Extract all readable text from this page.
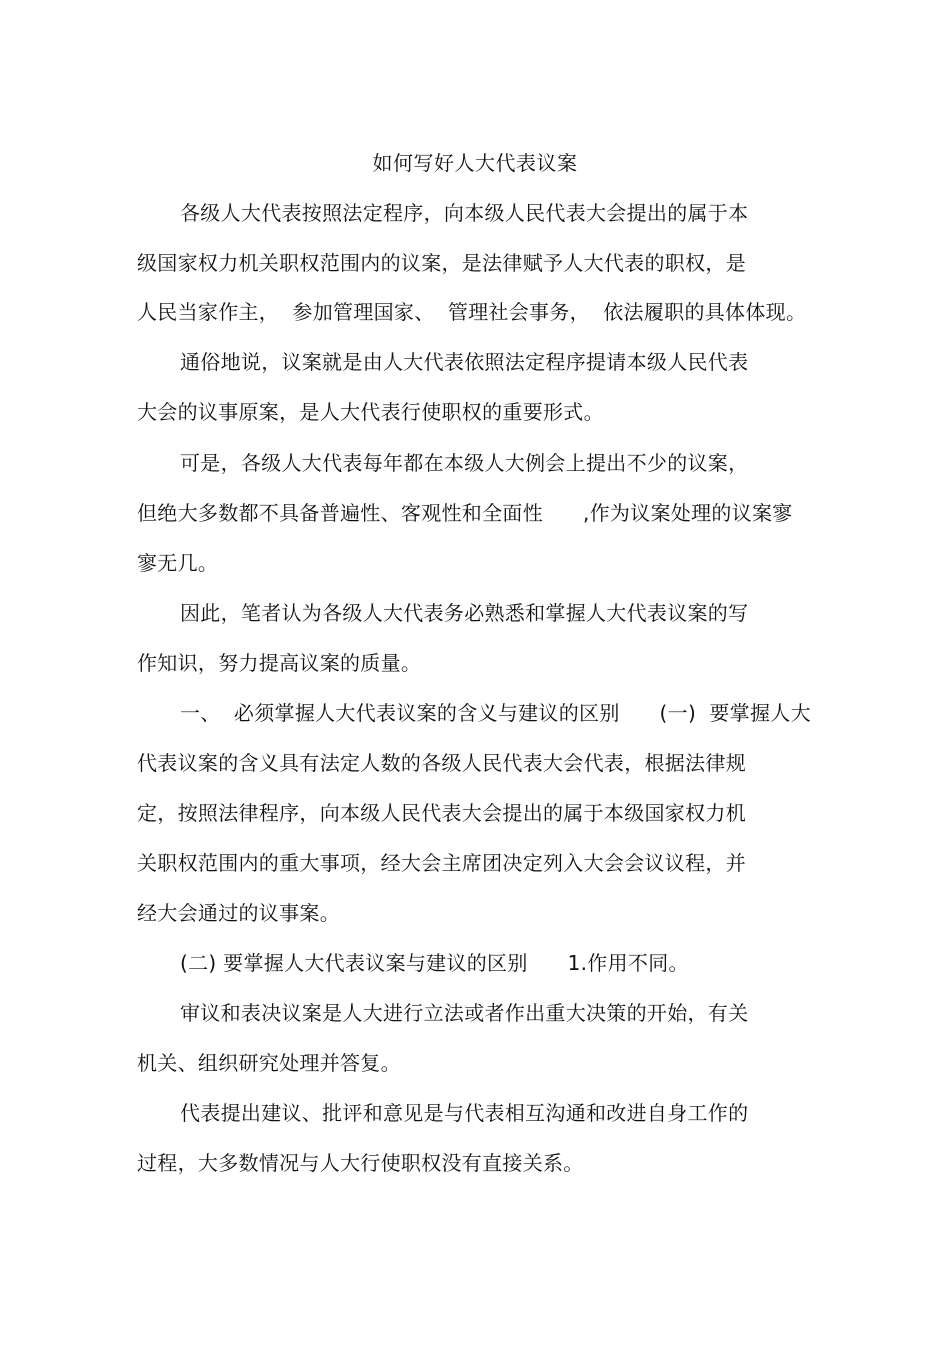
如何写好人大代表议案
各级人大代表按照法定程序，向本级人民代表大会提出的属于本
级国家权力机关职权范围内的议案，是法律赋予人大代表的职权，是
人民当家作主，  参加管理国家、  管理社会事务，  依法履职的具体体现。
通俗地说，议案就是由人大代表依照法定程序提请本级人民代表
大会的议事原案，是人大代表行使职权的重要形式。
可是，各级人大代表每年都在本级人大例会上提出不少的议案，
但绝大多数都不具备普遍性、客观性和全面性      ,作为议案处理的议案寥
寥无几。
因此，笔者认为各级人大代表务必熟悉和掌握人大代表议案的写
作知识，努力提高议案的质量。
一、  必须掌握人大代表议案的含义与建议的区别      (一)  要掌握人大
代表议案的含义具有法定人数的各级人民代表大会代表，根据法律规
定，按照法律程序，向本级人民代表大会提出的属于本级国家权力机
关职权范围内的重大事项，经大会主席团决定列入大会会议议程，并
经大会通过的议事案。
(二) 要掌握人大代表议案与建议的区别      1.作用不同。
审议和表决议案是人大进行立法或者作出重大决策的开始，有关
机关、组织研究处理并答复。
代表提出建议、批评和意见是与代表相互沟通和改进自身工作的
过程，大多数情况与人大行使职权没有直接关系。
